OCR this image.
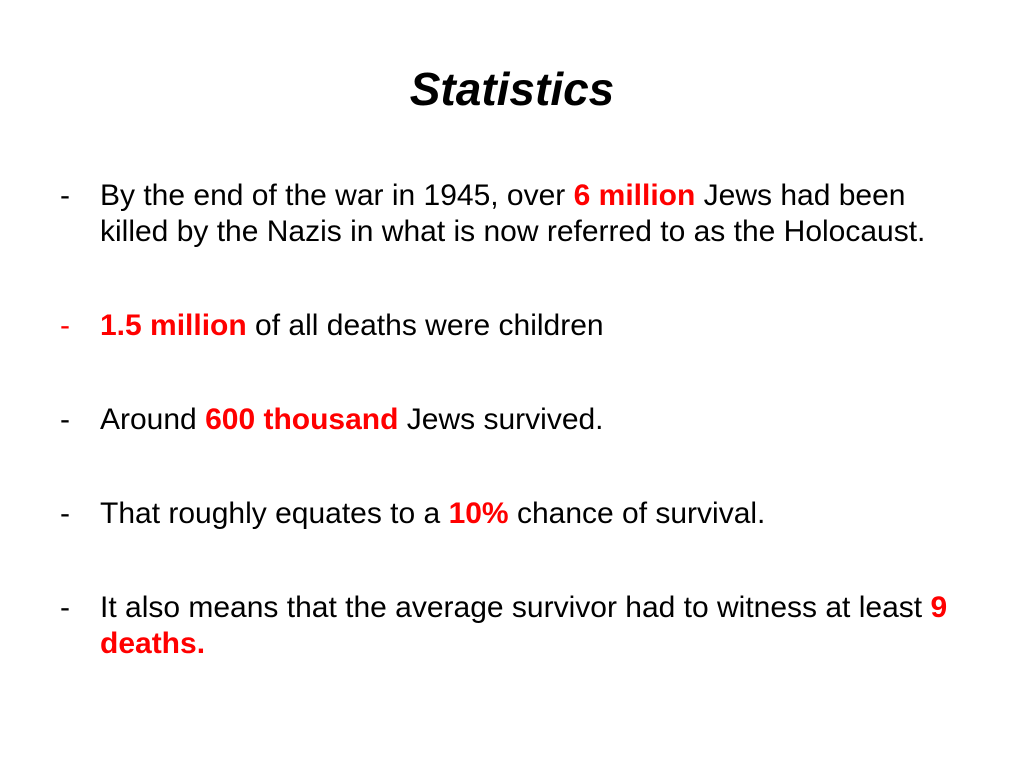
Statistics
-	By the end of the war in 1945, over 6 million Jews had been killed by the Nazis in what is now referred to as the Holocaust.
-	1.5 million of all deaths were children
-	Around 600 thousand Jews survived.
-	That roughly equates to a 10% chance of survival.
-	It also means that the average survivor had to witness at least 9 deaths.
